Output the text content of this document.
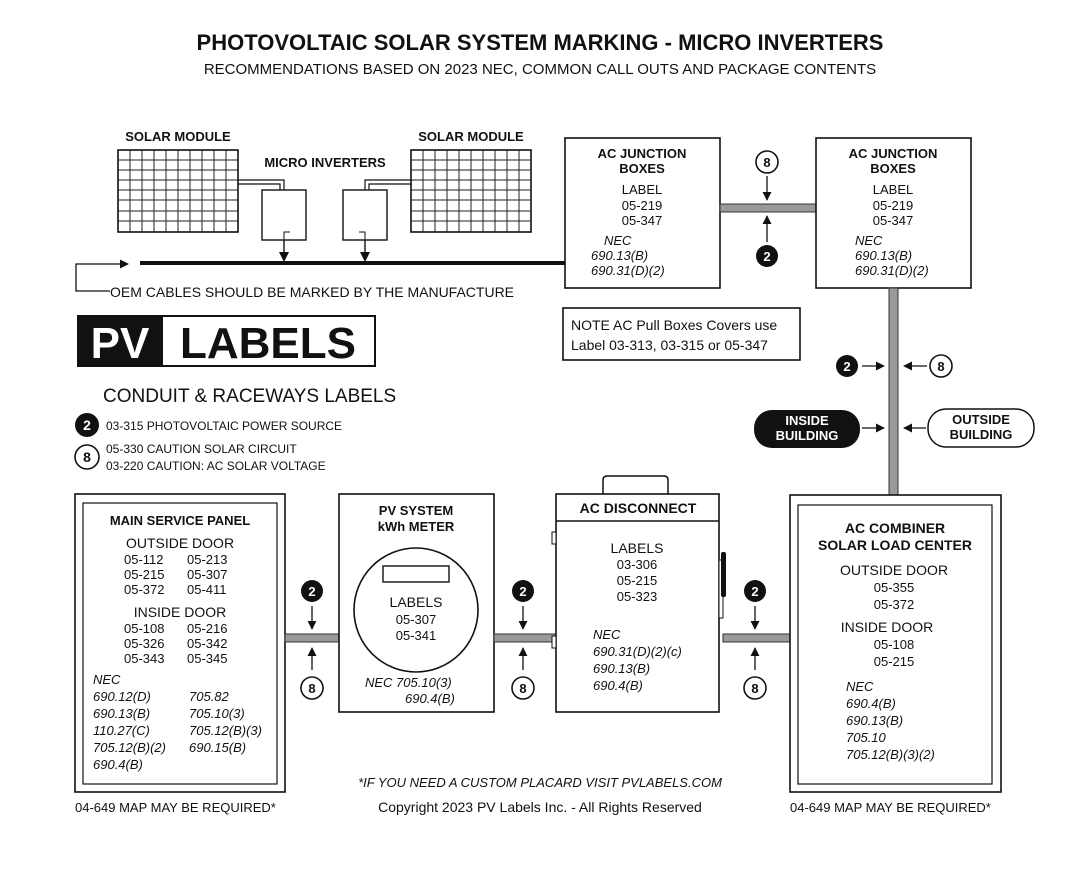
PHOTOVOLTAIC SOLAR SYSTEM MARKING - MICRO INVERTERS
RECOMMENDATIONS BASED ON 2023 NEC, COMMON CALL OUTS AND PACKAGE CONTENTS
SOLAR MODULE	SOLAR MODULE
MICRO INVERTERS
OEM CABLES SHOULD BE MARKED BY THE MANUFACTURE
AC JUNCTION
BOXES
LABEL
05-219
05-347
NEC
690.13(B)
690.31(D)(2)
8
2
AC JUNCTION
BOXES
LABEL
05-219
05-347
NEC
690.13(B)
690.31(D)(2)
NOTE AC Pull Boxes Covers use
Label 03-313, 03-315 or 05-347
2	8
INSIDE
BUILDING
OUTSIDE
BUILDING
PV LABELS
CONDUIT & RACEWAYS LABELS
2 03-315 PHOTOVOLTAIC POWER SOURCE
8 05-330 CAUTION SOLAR CIRCUIT
03-220 CAUTION: AC SOLAR VOLTAGE
MAIN SERVICE PANEL
OUTSIDE DOOR
05-112 05-213
05-215 05-307
05-372 05-411
INSIDE DOOR
05-108 05-216
05-326 05-342
05-343 05-345
NEC
690.12(D)	705.82
690.13(B)	705.10(3)
110.27(C)	705.12(B)(3)
705.12(B)(2) 690.15(B)
690.4(B)
2
8
PV SYSTEM
kWh METER
LABELS
05-307
05-341
NEC 705.10(3)
690.4(B)
2
8
AC DISCONNECT
LABELS
03-306
05-215
05-323
NEC
690.31(D)(2)(c)
690.13(B)
690.4(B)
2
8
AC COMBINER
SOLAR LOAD CENTER
OUTSIDE DOOR
05-355
05-372
INSIDE DOOR
05-108
05-215
NEC
690.4(B)
690.13(B)
705.10
705.12(B)(3)(2)
*IF YOU NEED A CUSTOM PLACARD VISIT PVLABELS.COM
04-649 MAP MAY BE REQUIRED*	Copyright 2023 PV Labels Inc. - All Rights Reserved	04-649 MAP MAY BE REQUIRED*
